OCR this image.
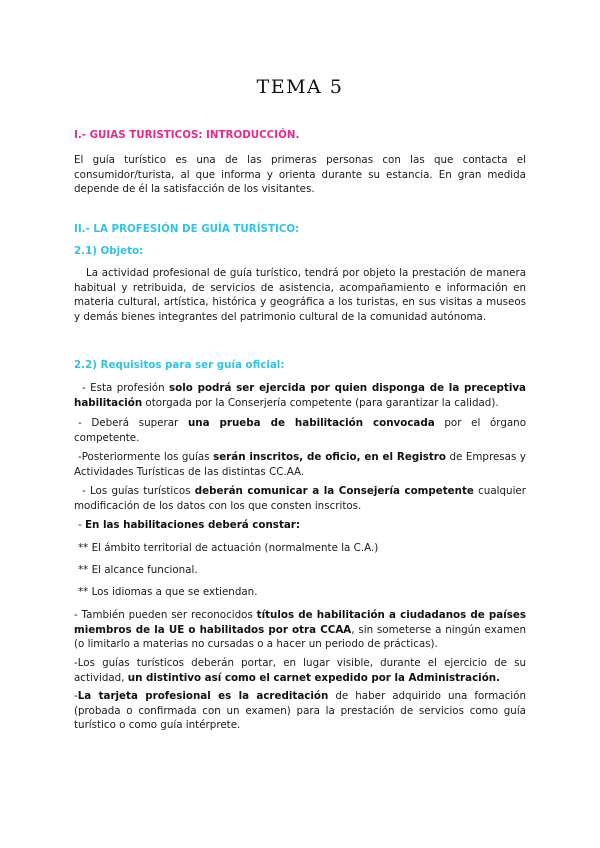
TEMA 5
I.- GUIAS TURISTICOS: INTRODUCCIÓN.

El guía turístico es una de las primeras personas con las que contacta el consumidor/turista, al que informa y orienta durante su estancia. En gran medida depende de él la satisfacción de los visitantes.

II.- LA PROFESIÓN DE GUÍA TURÍSTICO:
2.1) Objeto:

La actividad profesional de guía turístico, tendrá por objeto la prestación de manera habitual y retribuida, de servicios de asistencia, acompañamiento e información en materia cultural, artística, histórica y geográfica a los turistas, en sus visitas a museos y demás bienes integrantes del patrimonio cultural de la comunidad autónoma.

2.2) Requisitos para ser guía oficial:

- Esta profesión solo podrá ser ejercida por quien disponga de la preceptiva habilitación otorgada por la Conserjería competente (para garantizar la calidad).

- Deberá superar una prueba de habilitación convocada por el órgano competente.

-Posteriormente los guías serán inscritos, de oficio, en el Registro de Empresas y Actividades Turísticas de las distintas CC.AA.

- Los guías turísticos deberán comunicar a la Consejería competente cualquier modificación de los datos con los que consten inscritos.

- En las habilitaciones deberá constar:

** El ámbito territorial de actuación (normalmente la C.A.)

** El alcance funcional.

** Los idiomas a que se extiendan.

- También pueden ser reconocidos títulos de habilitación a ciudadanos de países miembros de la UE o habilitados por otra CCAA, sin someterse a ningún examen (o limitarlo a materias no cursadas o a hacer un periodo de prácticas).

-Los guías turísticos deberán portar, en lugar visible, durante el ejercicio de su actividad, un distintivo así como el carnet expedido por la Administración.

-La tarjeta profesional es la acreditación de haber adquirido una formación (probada o confirmada con un examen) para la prestación de servicios como guía turístico o como guía intérprete.
